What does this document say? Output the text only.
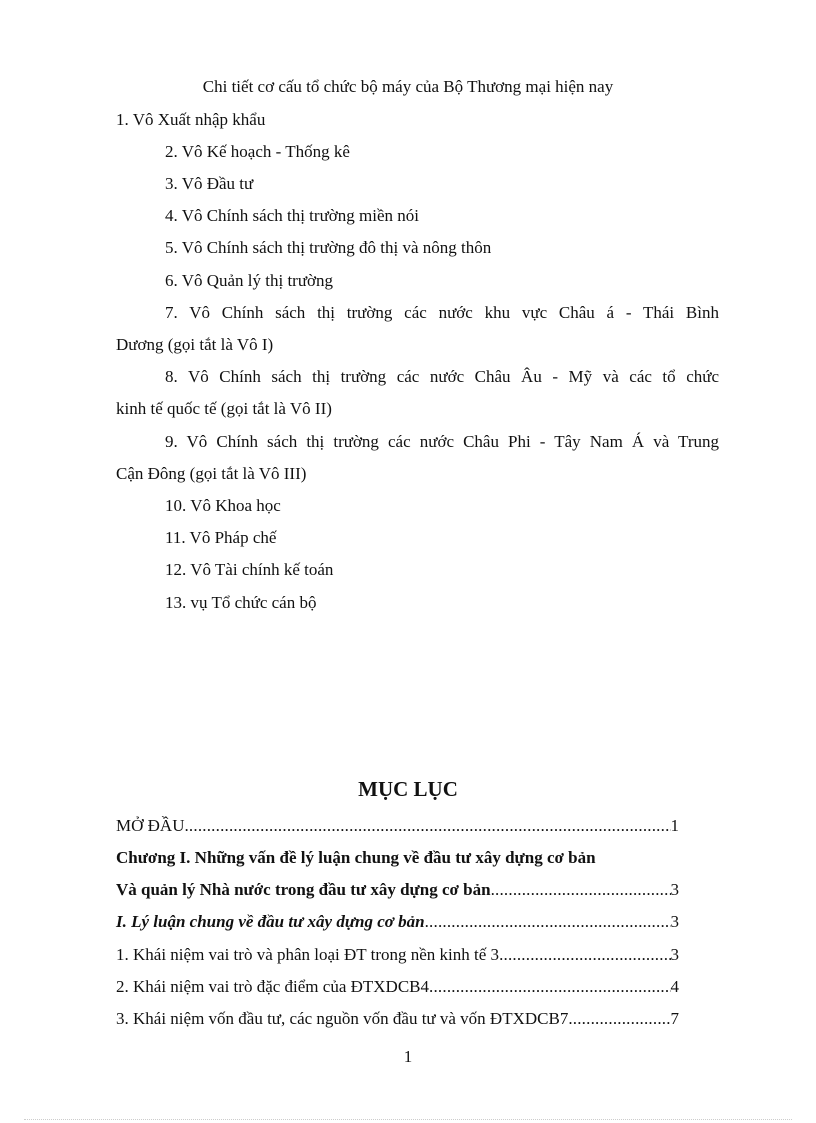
Chi tiết cơ cấu tổ chức bộ máy của Bộ Thương mại hiện nay
1. Vô Xuất nhập khẩu
2. Vô Kế hoạch - Thống kê
3. Vô Đầu tư
4. Vô Chính sách thị trường miền nói
5. Vô Chính sách thị trường đô thị và nông thôn
6. Vô Quản lý thị trường
7. Vô Chính sách thị trường các nước khu vực Châu á - Thái Bình
Dương (gọi tắt là Vô I)
8. Vô Chính sách thị trường các nước Châu Âu - Mỹ và các tổ chức
kinh tế quốc tế (gọi tắt là Vô II)
9. Vô Chính sách thị trường các nước Châu Phi - Tây Nam Á và Trung
Cận Đông (gọi tắt là Vô III)
10. Vô Khoa học
11. Vô Pháp chế
12. Vô Tài chính kế toán
13. vụ Tổ chức cán bộ
MỤC LỤC
MỞ ĐẦU .....	1
Chương I. Những vấn đề lý luận chung về đầu tư xây dựng cơ bản
Và quản lý Nhà nước trong đầu tư xây dựng cơ bản .....	3
I. Lý luận chung về đầu tư xây dựng cơ bản .....	3
1. Khái niệm vai trò và phân loại ĐT trong nền kinh tế 3 .....	3
2. Khái niệm vai trò đặc điểm của ĐTXDCB4 .....	4
3. Khái niệm vốn đầu tư, các nguồn vốn đầu tư và vốn ĐTXDCB7 .....	7
1
